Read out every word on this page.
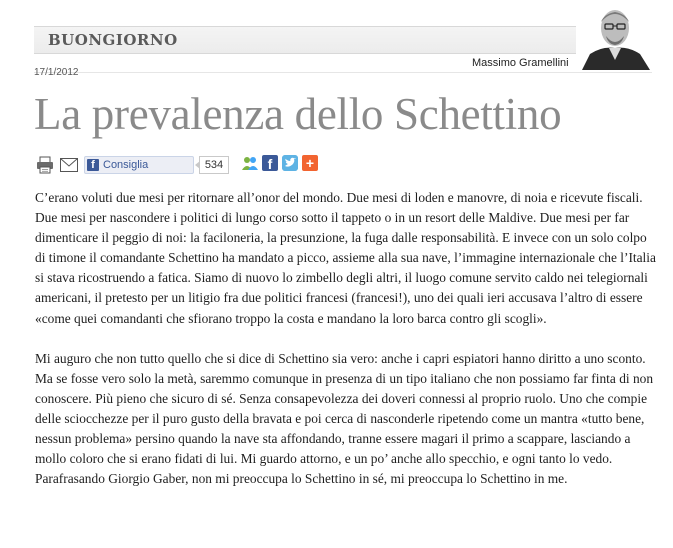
BUONGIORNO
Massimo Gramellini
17/1/2012
La prevalenza dello Schettino
f Consiglia	534	f	+

C’erano voluti due mesi per ritornare all’onor del mondo. Due mesi di loden e manovre, di noia e ricevute fiscali. Due mesi per nascondere i politici di lungo corso sotto il tappeto o in un resort delle Maldive. Due mesi per far dimenticare il peggio di noi: la faciloneria, la presunzione, la fuga dalle responsabilità. E invece con un solo colpo di timone il comandante Schettino ha mandato a picco, assieme alla sua nave, l’immagine internazionale che l’Italia si stava ricostruendo a fatica. Siamo di nuovo lo zimbello degli altri, il luogo comune servito caldo nei telegiornali americani, il pretesto per un litigio fra due politici francesi (francesi!), uno dei quali ieri accusava l’altro di essere «come quei comandanti che sfiorano troppo la costa e mandano la loro barca contro gli scogli».

Mi auguro che non tutto quello che si dice di Schettino sia vero: anche i capri espiatori hanno diritto a uno sconto. Ma se fosse vero solo la metà, saremmo comunque in presenza di un tipo italiano che non possiamo far finta di non conoscere. Più pieno che sicuro di sé. Senza consapevolezza dei doveri connessi al proprio ruolo. Uno che compie delle sciocchezze per il puro gusto della bravata e poi cerca di nasconderle ripetendo come un mantra «tutto bene, nessun problema» persino quando la nave sta affondando, tranne essere magari il primo a scappare, lasciando a mollo coloro che si erano fidati di lui. Mi guardo attorno, e un po’ anche allo specchio, e ogni tanto lo vedo. Parafrasando Giorgio Gaber, non mi preoccupa lo Schettino in sé, mi preoccupa lo Schettino in me.
